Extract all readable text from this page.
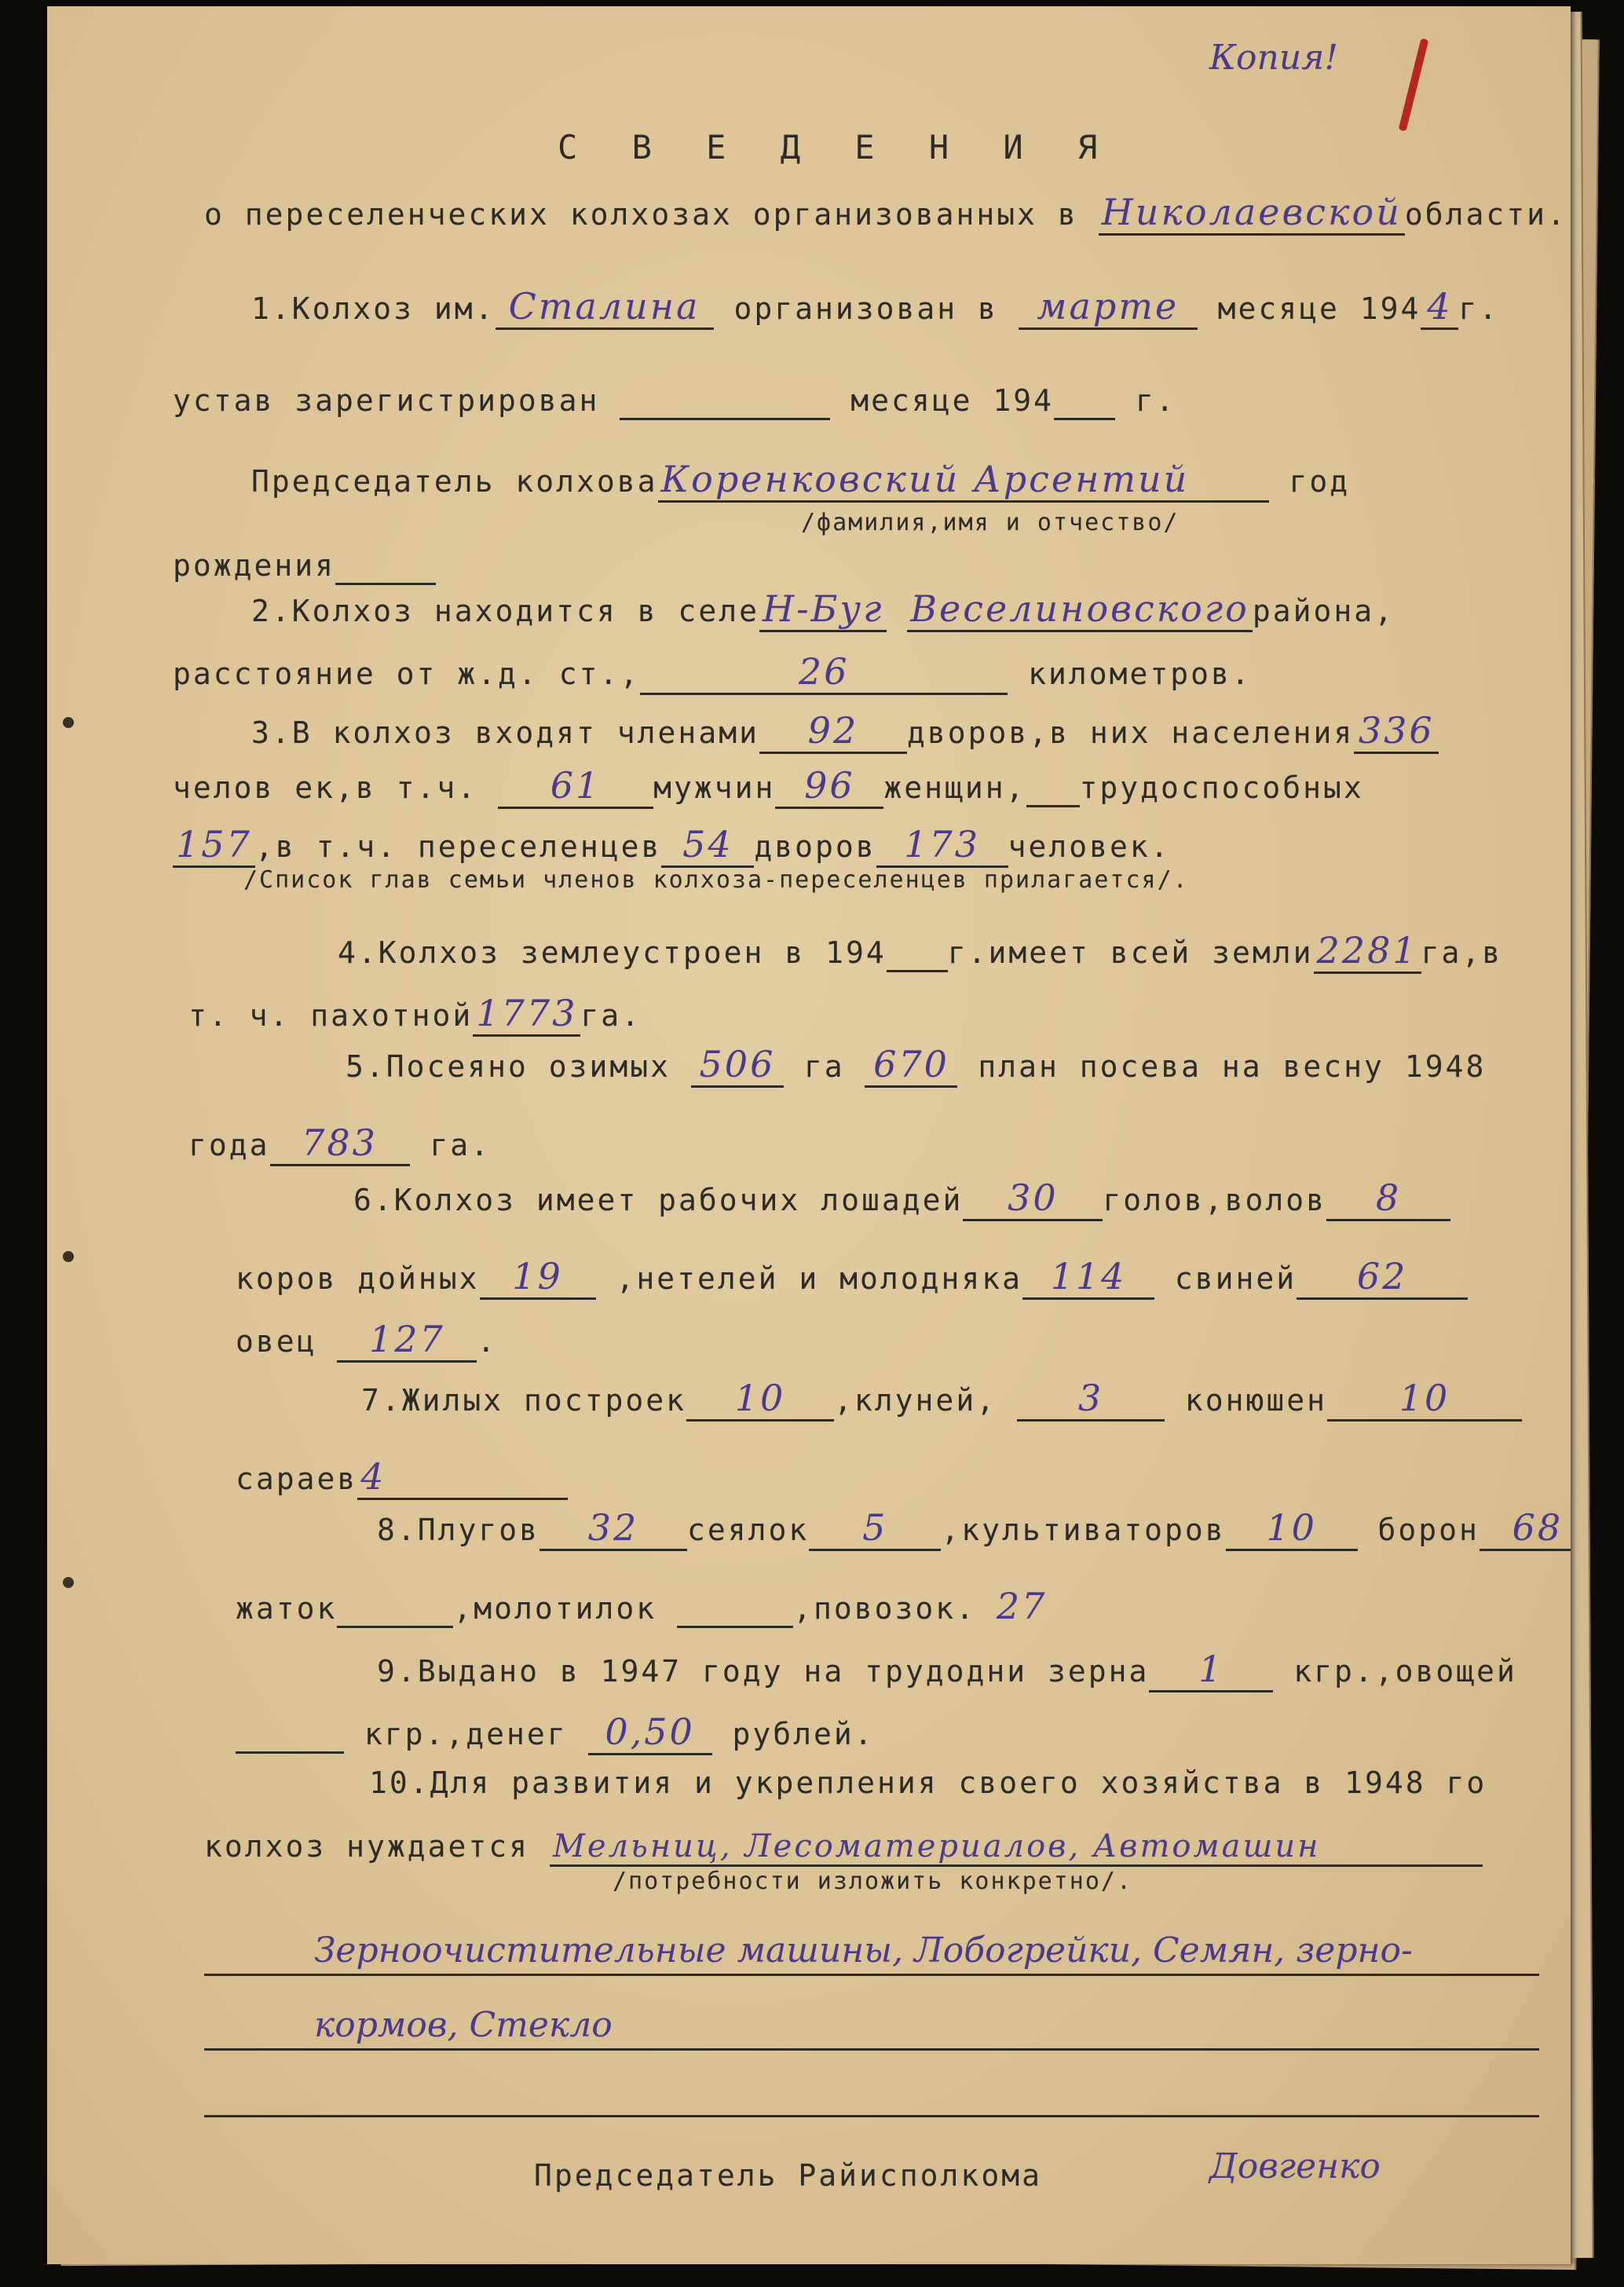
Копия!
С В Е Д Е Н И Я
о переселенческих колхозах организованных в Николаевской области.
1.Колхоз им. Сталина организован в марте месяце 194 4 г.
устав зарегистрирован	месяце 194	г.
Председатель колховаКоренковский Арсентий	год
/фамилия,имя и отчество/
рождения
2.Колхоз находится в селеН-Буг Веселиновского района,
расстояние от ж.д. ст.,	26	километров.
3.В колхоз входят членами 92 дворов,в них населения 336
челов ек,в т.ч. 61 мужчин 96 женщин, трудоспособных
157 ,в т.ч. переселенцев 54 дворов 173 человек.
/Список глав семьи членов колхоза-переселенцев прилагается/.
4.Колхоз землеустроен в 194 г.имеет всей земли2281 га,в
т. ч. пахотной1773 га.
5.Посеяно озимых 506 га 670 план посева на весну 1948
года 783 га.
6.Колхоз имеет рабочих лошадей 30 голов,волов 8
коров дойных 19 ,нетелей и молодняка 114 свиней 62
овец 127 .
7.Жилых построек 10 ,клуней, 3	конюшен 10
сараев4
8.Плугов 32 сеялок 5 ,культиваторов 10 борон 68
жаток	,молотилок	,повозок. 27
9.Выдано в 1947 году на трудодни зерна 1 кгр.,овощей
кгр.,денег 0,50 рублей.
10.Для развития и укрепления своего хозяйства в 1948 го
колхоз нуждается Мельниц, Лесоматериалов, Автомашин
/потребности изложить конкретно/.
Зерноочистительные машины, Лобогрейки, Семян, зерно-
кормов, Стекло
Председатель Райисполкома	Довгенко
